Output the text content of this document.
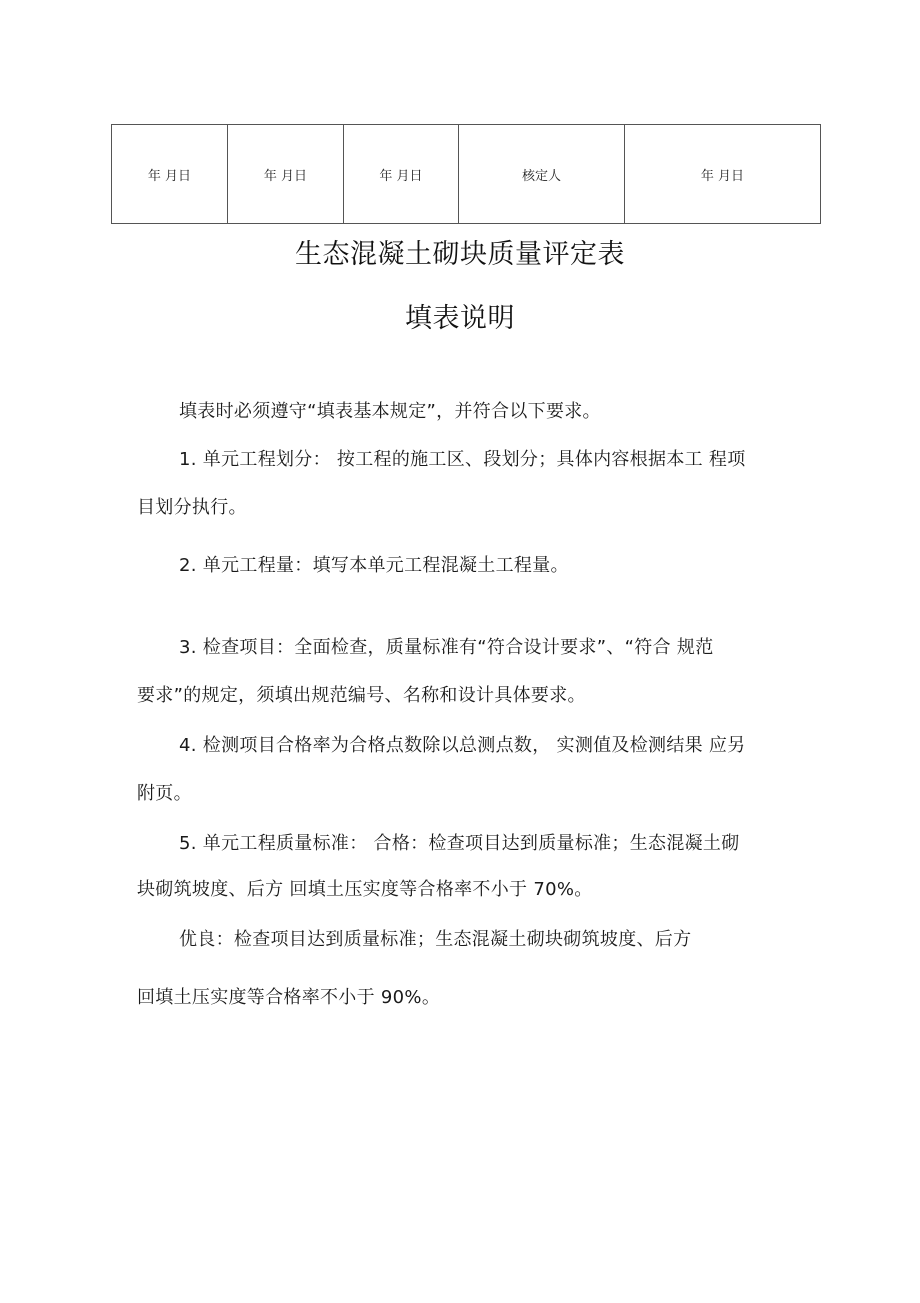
年 月日	年 月日	年 月日	核定人	年 月日
生态混凝土砌块质量评定表
填表说明

填表时必须遵守“填表基本规定”，并符合以下要求。

1. 单元工程划分： 按工程的施工区、段划分；具体内容根据本工 程项

目划分执行。

2. 单元工程量：填写本单元工程混凝土工程量。

3. 检查项目：全面检查，质量标准有“符合设计要求”、“符合 规范

要求”的规定，须填出规范编号、名称和设计具体要求。

4. 检测项目合格率为合格点数除以总测点数， 实测值及检测结果 应另

附页。

5. 单元工程质量标准： 合格：检查项目达到质量标准；生态混凝土砌

块砌筑坡度、后方 回填土压实度等合格率不小于 70%。

优良：检查项目达到质量标准；生态混凝土砌块砌筑坡度、后方

回填土压实度等合格率不小于 90%。
